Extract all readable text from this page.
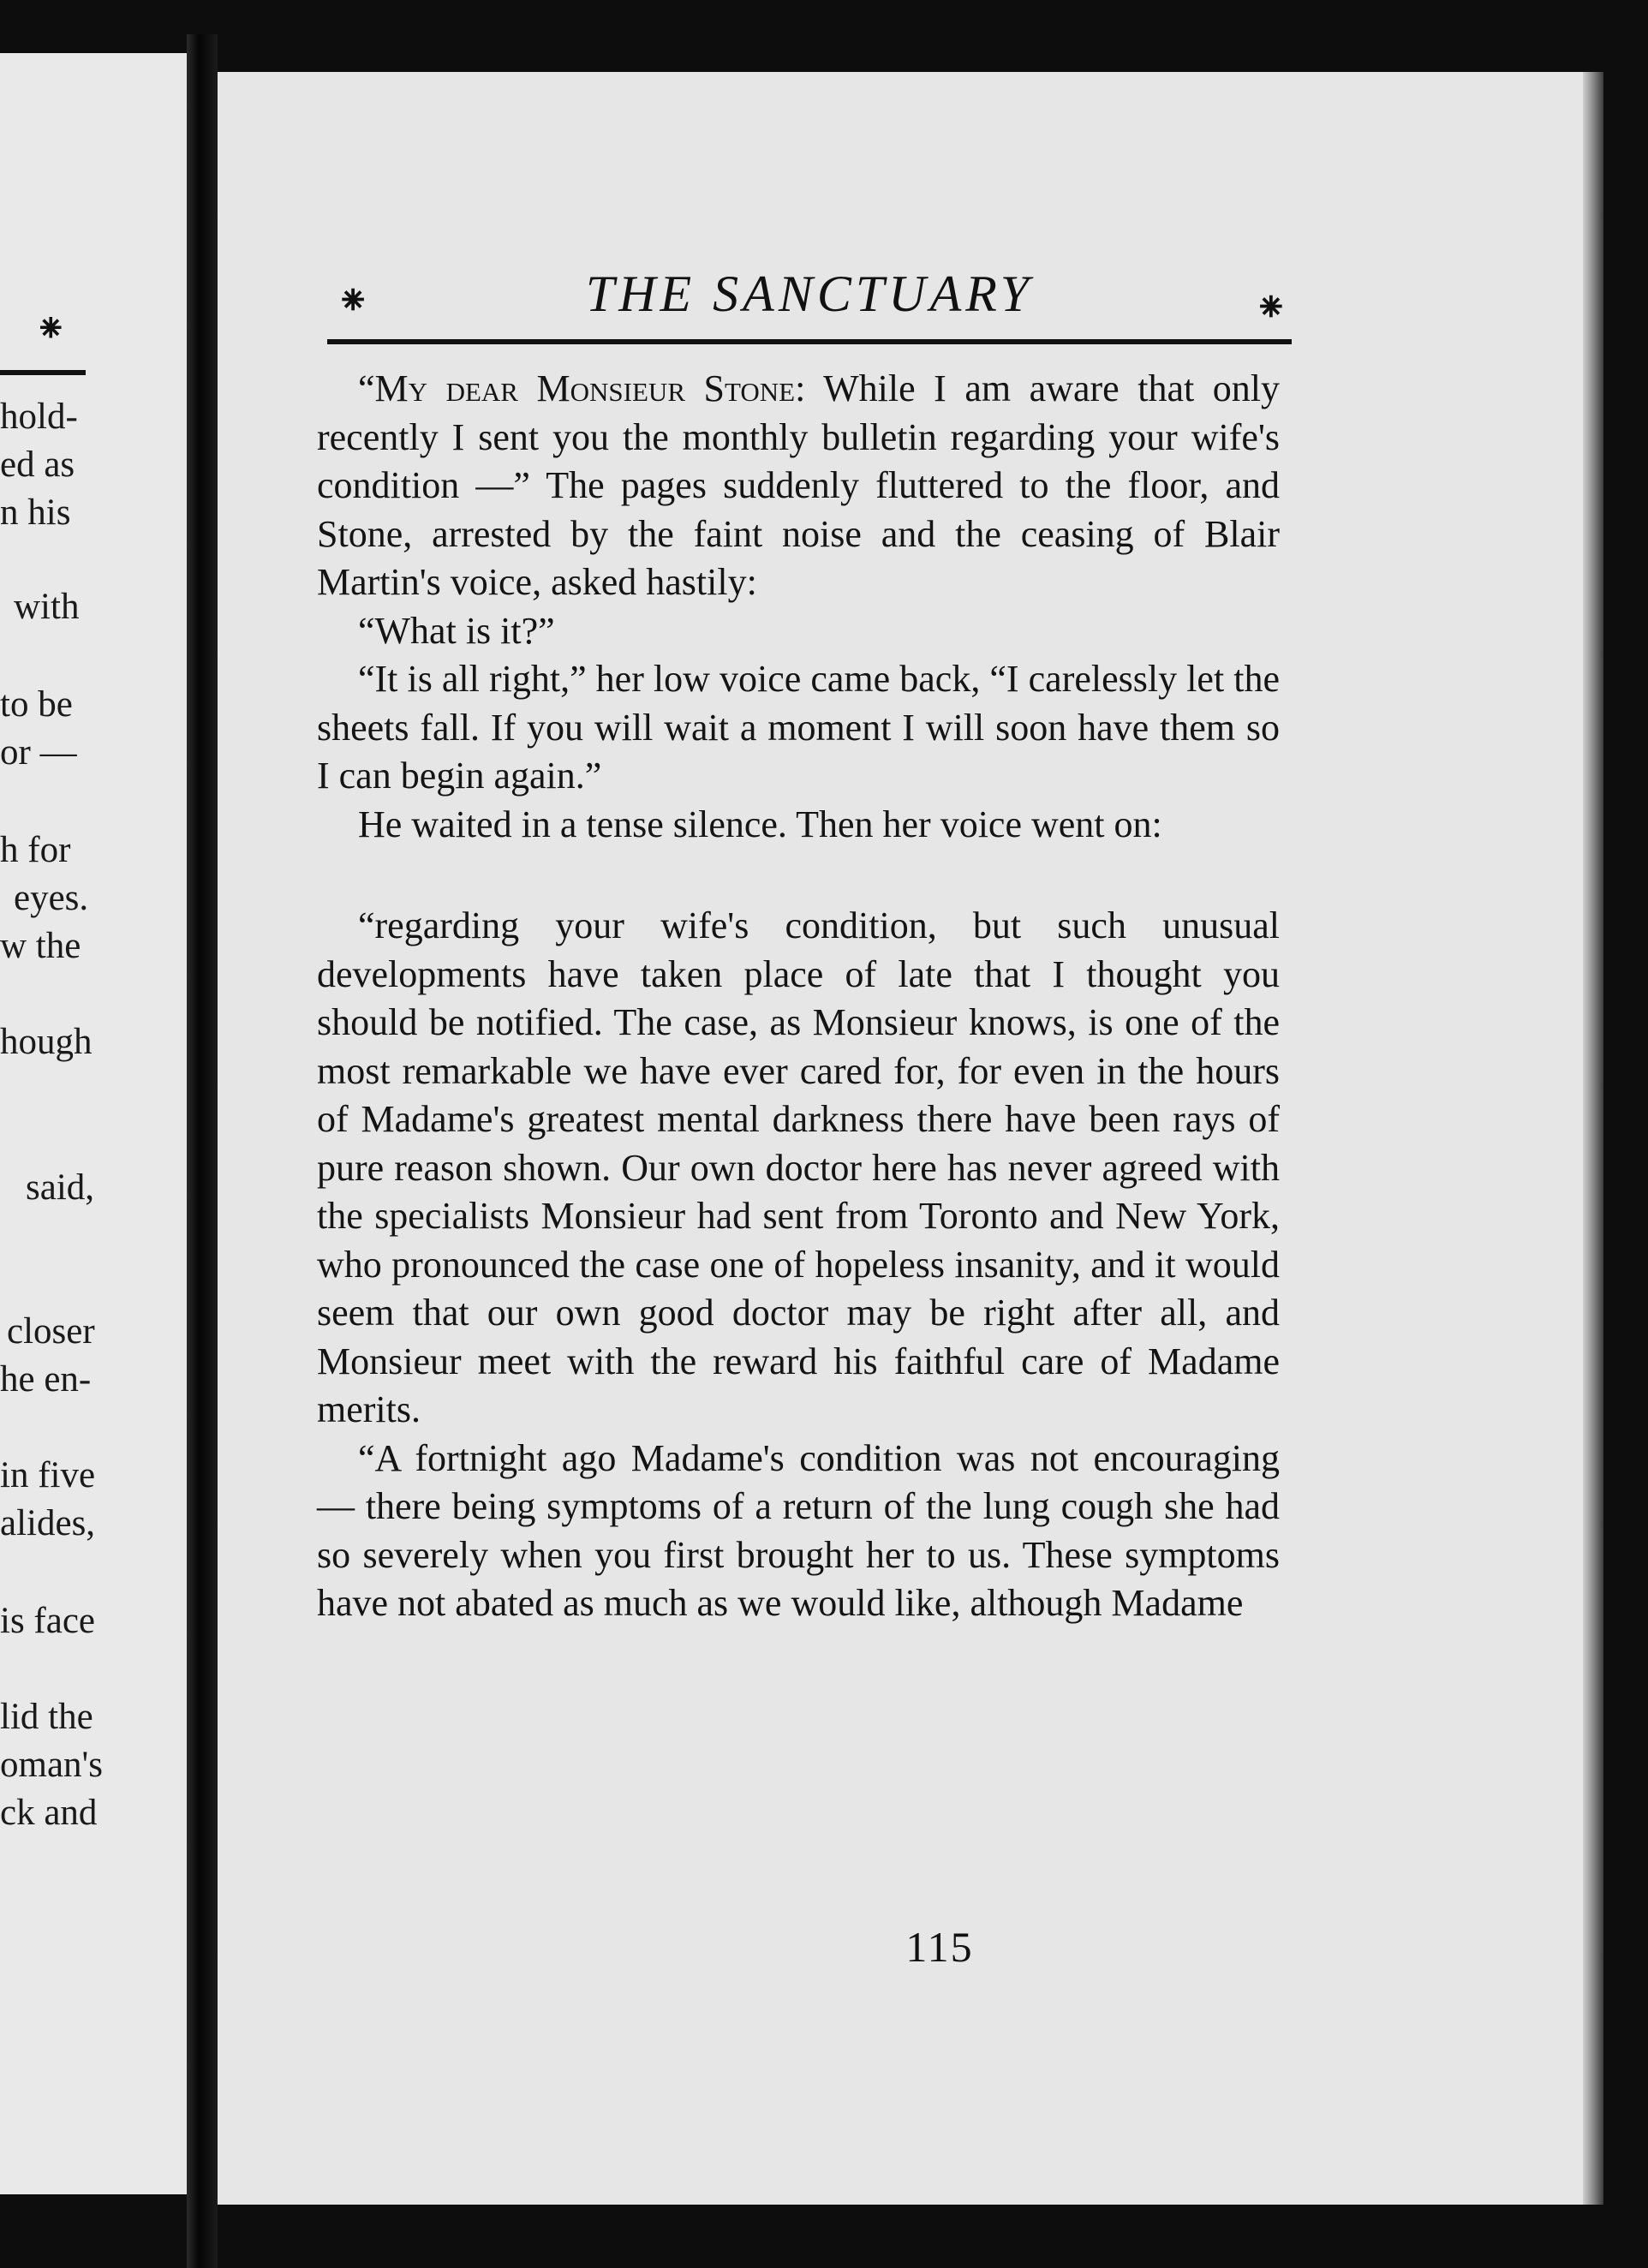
⁕
hold-
ed as
n his
with
to be
or —
h for
eyes.
w the
hough
said,
closer
he en-
in five
alides,
is face
lid the
oman's
ck and
⁕	THE SANCTUARY	⁕

“My dear Monsieur Stone: While I am aware that only recently I sent you the monthly bulletin regarding your wife's condition —” The pages suddenly fluttered to the floor, and Stone, arrested by the faint noise and the ceasing of Blair Martin's voice, asked hastily:

“What is it?”

“It is all right,” her low voice came back, “I carelessly let the sheets fall. If you will wait a moment I will soon have them so I can begin again.”

He waited in a tense silence. Then her voice went on:

“regarding your wife's condition, but such unusual developments have taken place of late that I thought you should be notified. The case, as Monsieur knows, is one of the most remarkable we have ever cared for, for even in the hours of Madame's greatest mental darkness there have been rays of pure reason shown. Our own doctor here has never agreed with the specialists Monsieur had sent from Toronto and New York, who pronounced the case one of hopeless insanity, and it would seem that our own good doctor may be right after all, and Monsieur meet with the reward his faithful care of Madame merits.

“A fortnight ago Madame's condition was not encouraging — there being symptoms of a return of the lung cough she had so severely when you first brought her to us. These symptoms have not abated as much as we would like, although Madame

115
